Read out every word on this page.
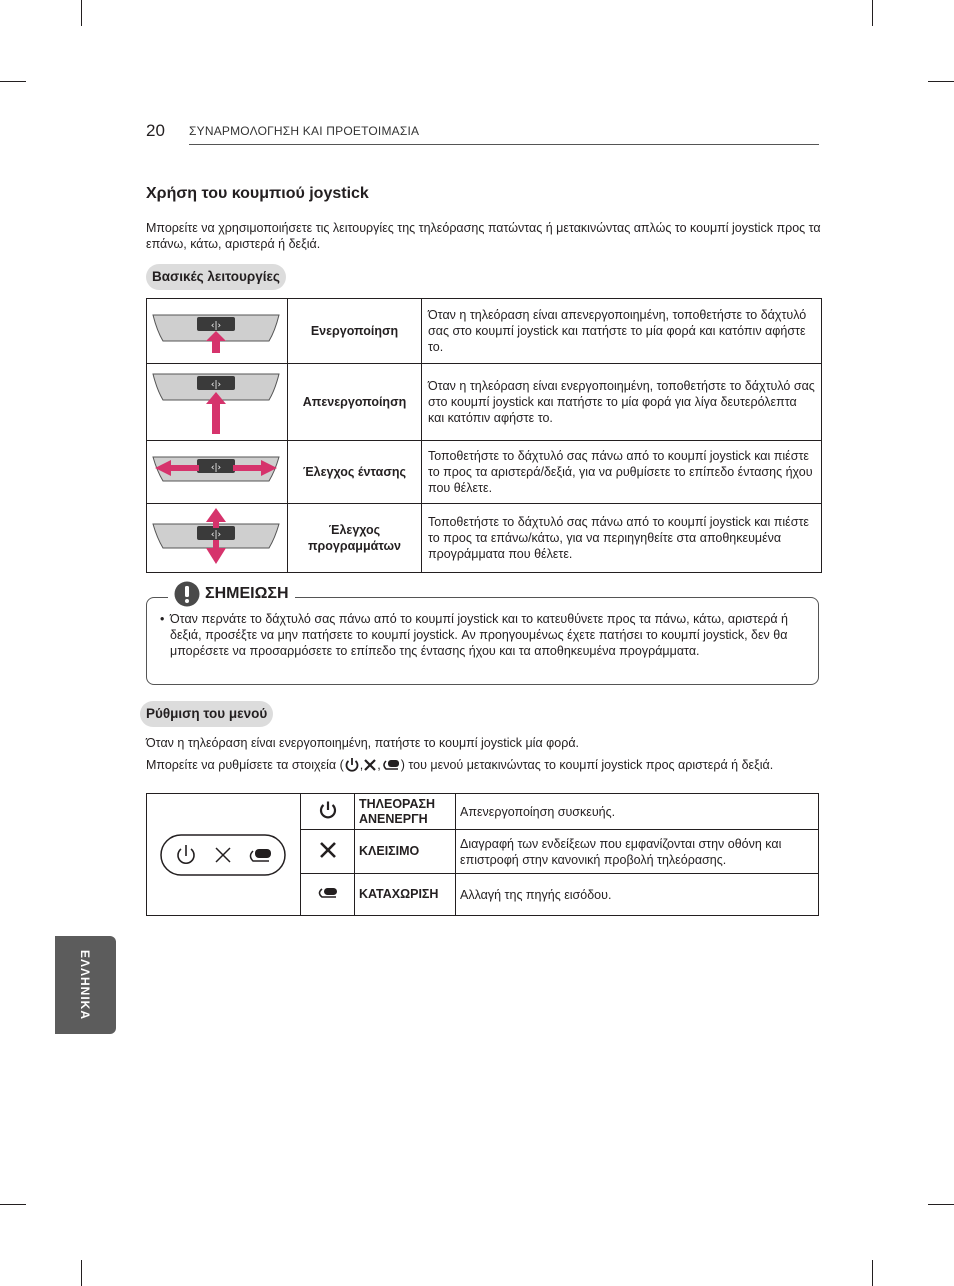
20 ΣΥΝΑΡΜΟΛΟΓΗΣΗ ΚΑΙ ΠΡΟΕΤΟΙΜΑΣΙΑ
Χρήση του κουμπιού joystick
Μπορείτε να χρησιμοποιήσετε τις λειτουργίες της τηλεόρασης πατώντας ή μετακινώντας απλώς το κουμπί joystick προς τα επάνω, κάτω, αριστερά ή δεξιά.
Βασικές λειτουργίες
‹|›	Ενεργοποίηση	Όταν η τηλεόραση είναι απενεργοποιημένη, τοποθετήστε το δάχτυλό σας στο κουμπί joystick και πατήστε το μία φορά και κατόπιν αφήστε το.

‹|›	Απενεργοποίηση	Όταν η τηλεόραση είναι ενεργοποιημένη, τοποθετήστε το δάχτυλό σας στο κουμπί joystick και πατήστε το μία φορά για λίγα δευτερόλεπτα και κατόπιν αφήστε το.

‹|›	Έλεγχος έντασης	Τοποθετήστε το δάχτυλό σας πάνω από το κουμπί joystick και πιέστε το προς τα αριστερά/δεξιά, για να ρυθμίσετε το επίπεδο έντασης ήχου που θέλετε.

‹|›	Έλεγχος προγραμμάτων	Τοποθετήστε το δάχτυλό σας πάνω από το κουμπί joystick και πιέστε το προς τα επάνω/κάτω, για να περιηγηθείτε στα αποθηκευμένα προγράμματα που θέλετε.
ΣΗΜΕΙΩΣΗ
• Όταν περνάτε το δάχτυλό σας πάνω από το κουμπί joystick και το κατευθύνετε προς τα πάνω, κάτω, αριστερά ή δεξιά, προσέξτε να μην πατήσετε το κουμπί joystick. Αν προηγουμένως έχετε πατήσει το κουμπί joystick, δεν θα μπορέσετε να προσαρμόσετε το επίπεδο της έντασης ήχου και τα αποθηκευμένα προγράμματα.
Ρύθμιση του μενού
Όταν η τηλεόραση είναι ενεργοποιημένη, πατήστε το κουμπί joystick μία φορά.
Μπορείτε να ρυθμίσετε τα στοιχεία ( , , ) του μενού μετακινώντας το κουμπί joystick προς αριστερά ή δεξιά.
		ΤΗΛΕΟΡΑΣΗ ΑΝΕΝΕΡΓΗ	Απενεργοποίηση συσκευής.
	ΚΛΕΙΣΙΜΟ	Διαγραφή των ενδείξεων που εμφανίζονται στην οθόνη και επιστροφή στην κανονική προβολή τηλεόρασης.
	ΚΑΤΑΧΩΡΙΣΗ	Αλλαγή της πηγής εισόδου.
ΕΛΛΗΝΙΚΑ
